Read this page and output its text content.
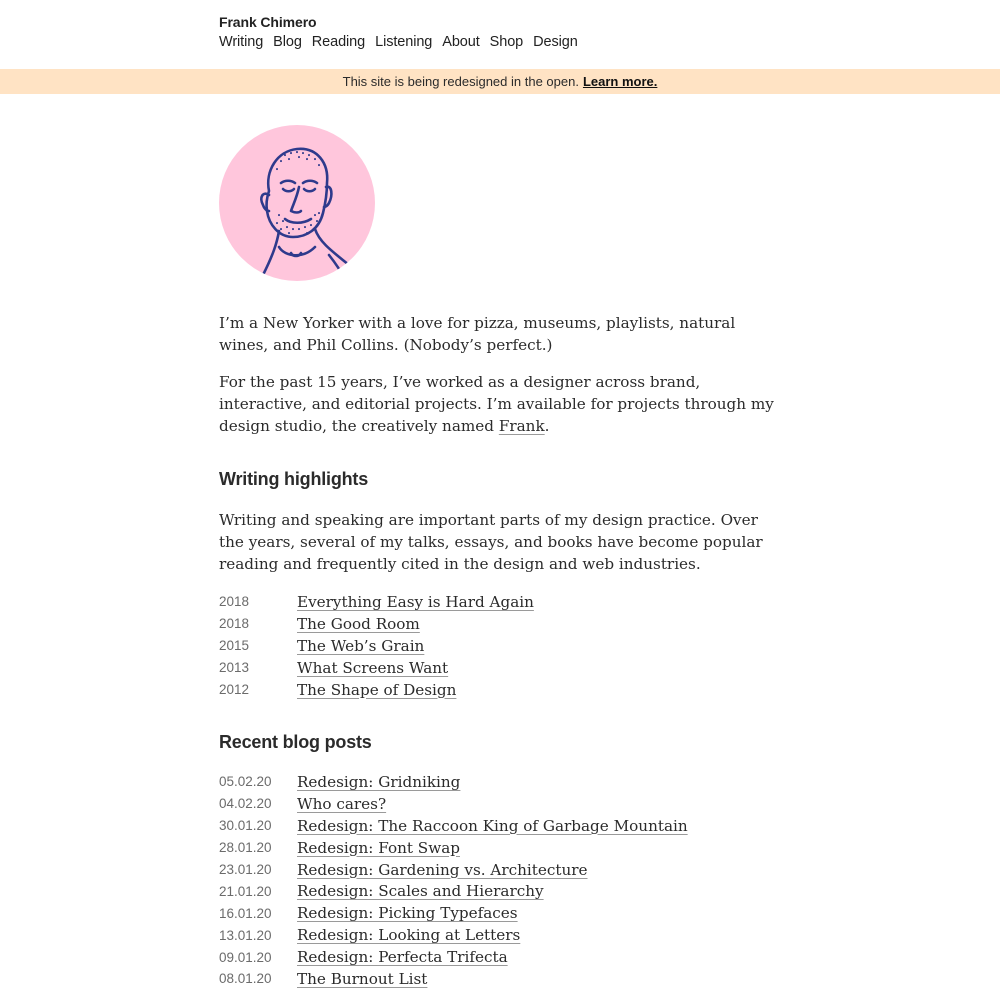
Frank Chimero
Writing Blog Reading Listening About Shop Design
This site is being redesigned in the open. Learn more.

I’m a New Yorker with a love for pizza, museums, playlists, natural wines, and Phil Collins. (Nobody’s perfect.)

For the past 15 years, I’ve worked as a designer across brand, interactive, and editorial projects. I’m available for projects through my design studio, the creatively named Frank.

Writing highlights

Writing and speaking are important parts of my design practice. Over the years, several of my talks, essays, and books have become popular reading and frequently cited in the design and web industries.

2018	Everything Easy is Hard Again
2018	The Good Room
2015	The Web’s Grain
2013	What Screens Want
2012	The Shape of Design
Recent blog posts
05.02.20	Redesign: Gridniking
04.02.20	Who cares?
30.01.20	Redesign: The Raccoon King of Garbage Mountain
28.01.20	Redesign: Font Swap
23.01.20	Redesign: Gardening vs. Architecture
21.01.20	Redesign: Scales and Hierarchy
16.01.20	Redesign: Picking Typefaces
13.01.20	Redesign: Looking at Letters
09.01.20	Redesign: Perfecta Trifecta
08.01.20	The Burnout List
